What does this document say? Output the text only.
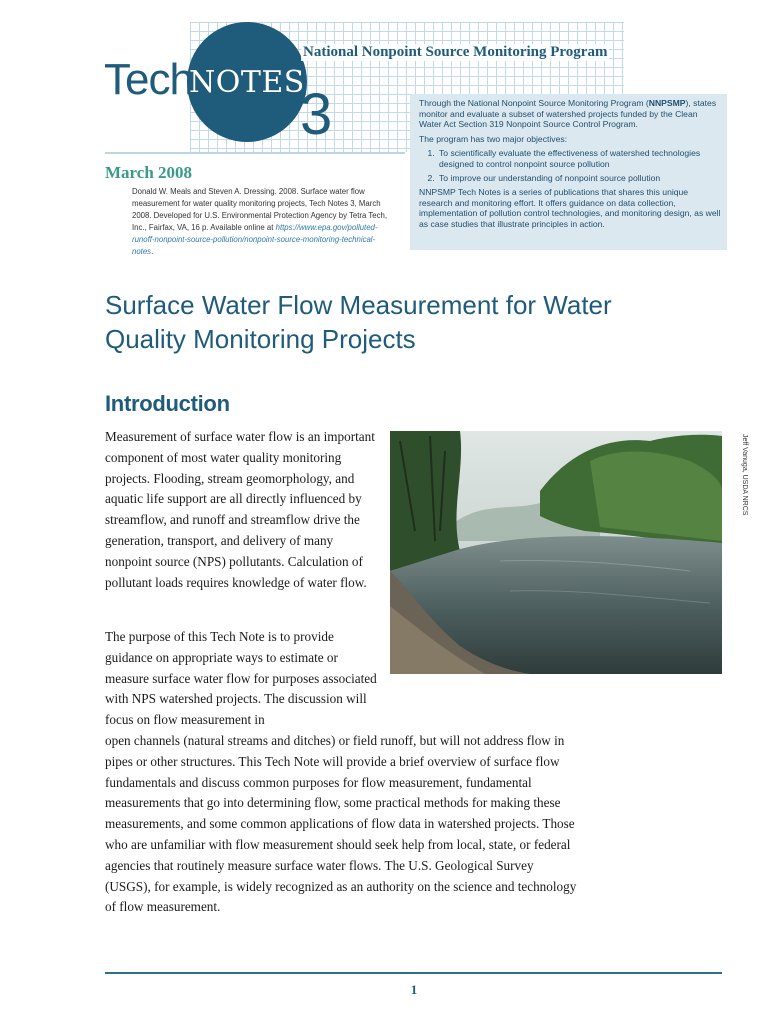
Tech
NOTES
3
National Nonpoint Source Monitoring Program
March 2008
Donald W. Meals and Steven A. Dressing. 2008. Surface water flow measurement for water quality monitoring projects, Tech Notes 3, March 2008. Developed for U.S. Environmental Protection Agency by Tetra Tech, Inc., Fairfax, VA, 16 p. Available online at https://www.epa.gov/polluted-runoff-nonpoint-source-pollution/nonpoint-source-monitoring-technical-notes.

Through the National Nonpoint Source Monitoring Program (NNPSMP), states monitor and evaluate a subset of watershed projects funded by the Clean Water Act Section 319 Nonpoint Source Control Program.

The program has two major objectives:

1. To scientifically evaluate the effectiveness of watershed technologies designed to control nonpoint source pollution
2. To improve our understanding of nonpoint source pollution

NNPSMP Tech Notes is a series of publications that shares this unique research and monitoring effort. It offers guidance on data collection, implementation of pollution control technologies, and monitoring design, as well as case studies that illustrate principles in action.

Surface Water Flow Measurement for Water Quality Monitoring Projects
Introduction
Measurement of surface water flow is an important component of most water quality monitoring projects. Flooding, stream geomorphology, and aquatic life support are all directly influenced by streamflow, and runoff and streamflow drive the generation, transport, and delivery of many nonpoint source (NPS) pollutants. Calculation of pollutant loads requires knowledge of water flow.
The purpose of this Tech Note is to provide guidance on appropriate ways to estimate or measure surface water flow for purposes associated with NPS watershed projects. The discussion will focus on flow measurement in
open channels (natural streams and ditches) or field runoff, but will not address flow in pipes or other structures. This Tech Note will provide a brief overview of surface flow fundamentals and discuss common purposes for flow measurement, fundamental measurements that go into determining flow, some practical methods for making these measurements, and some common applications of flow data in watershed projects. Those who are unfamiliar with flow measurement should seek help from local, state, or federal agencies that routinely measure surface water flows. The U.S. Geological Survey (USGS), for example, is widely recognized as an authority on the science and technology of flow measurement.
Jeff Vanuga, USDA NRCS
1
